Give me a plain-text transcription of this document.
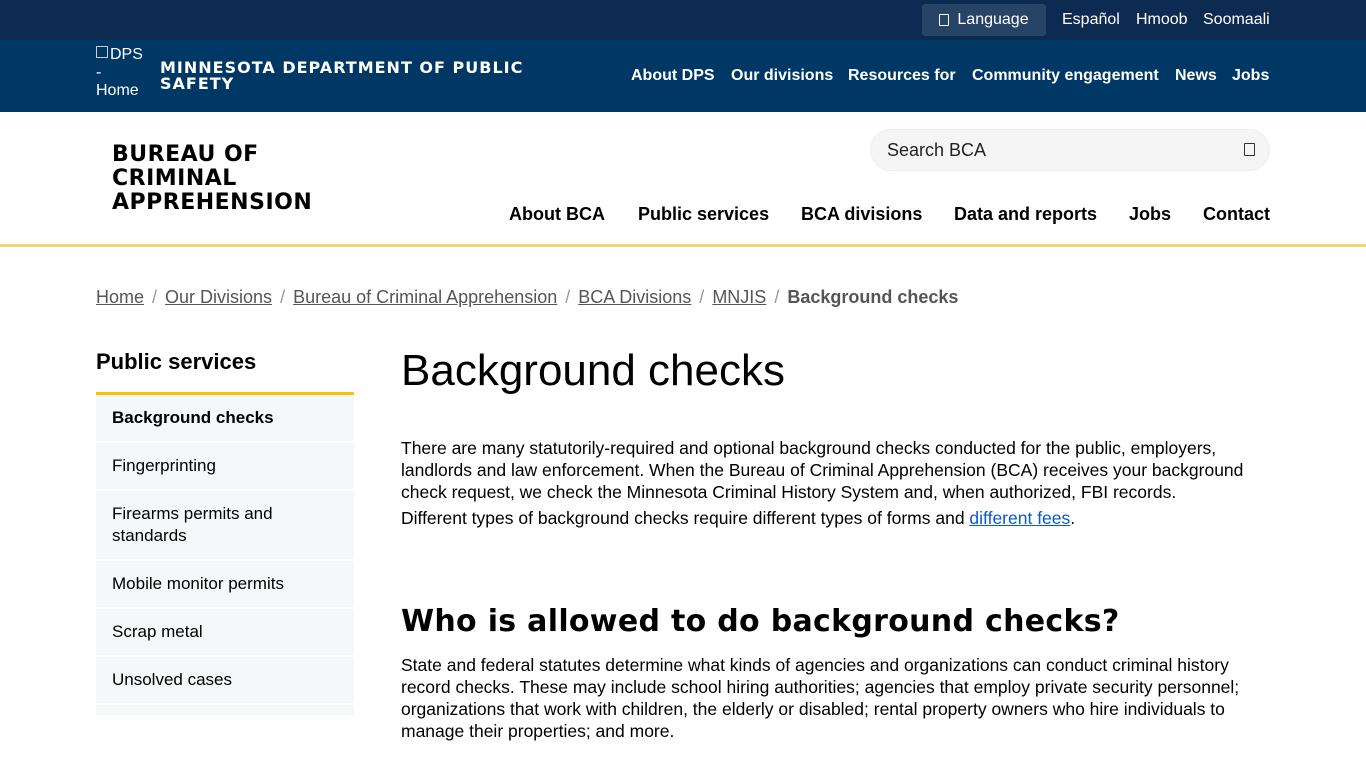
Language Español Hmoob Soomaali
DPS - Home
MINNESOTA DEPARTMENT OF PUBLIC SAFETY	About DPS Our divisions Resources for Community engagement News Jobs
BUREAU OF CRIMINAL APPREHENSION
Search BCA	About BCA Public services BCA divisions Data and reports Jobs Contact
Home / Our Divisions / Bureau of Criminal Apprehension / BCA Divisions / MNJIS / Background checks
Public services
Background checks
Fingerprinting
Firearms permits and standards
Mobile monitor permits
Scrap metal
Unsolved cases
Background checks

There are many statutorily-required and optional background checks conducted for the public, employers, landlords and law enforcement. When the Bureau of Criminal Apprehension (BCA) receives your background check request, we check the Minnesota Criminal History System and, when authorized, FBI records.

Different types of background checks require different types of forms and different fees.

Who is allowed to do background checks?

State and federal statutes determine what kinds of agencies and organizations can conduct criminal history record checks. These may include school hiring authorities; agencies that employ private security personnel; organizations that work with children, the elderly or disabled; rental property owners who hire individuals to manage their properties; and more.
